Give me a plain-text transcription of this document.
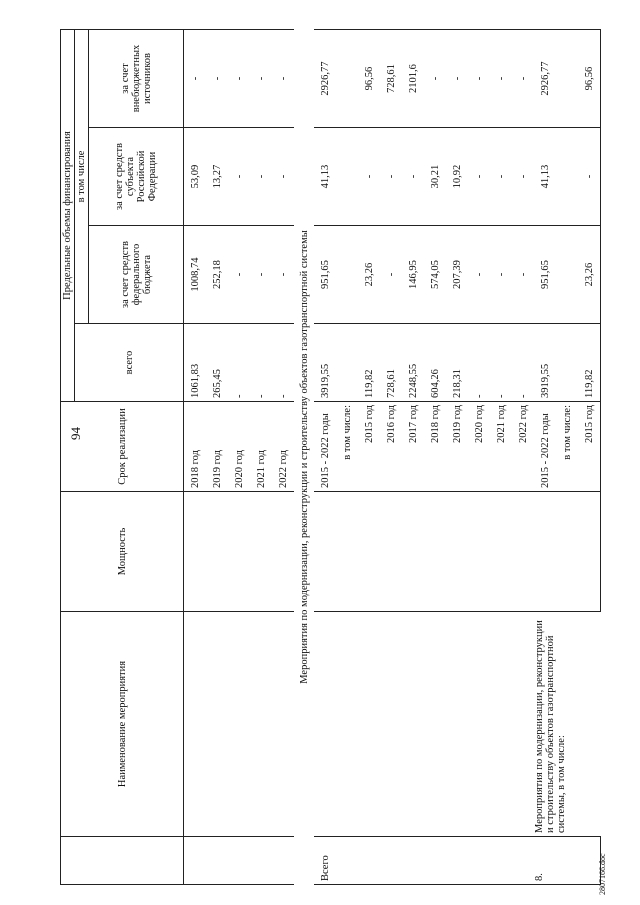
94
	Наименование мероприятия	Мощность	Срок реализации	Предельные объемы финансирования			
				всего	в том числе		
					за счет средств федерального бюджета	за счет средств субъекта Российской Федерации	за счет внебюджетных источников
			2018 год	1061,83	1008,74	53,09	-
			2019 год	265,45	252,18	13,27	-
			2020 год	-	-	-	-
			2021 год	-	-	-	-
			2022 год	-	-	-	-
Мероприятия по модернизации, реконструкции и строительству объектов газотранспортной системы							
Всего			2015 - 2022 годы	3919,55	951,65	41,13	2926,77
			в том числе:				
			2015 год	119,82	23,26	-	96,56
			2016 год	728,61	-	-	728,61
			2017 год	2248,55	146,95	-	2101,6
			2018 год	604,26	574,05	30,21	-
			2019 год	218,31	207,39	10,92	-
			2020 год	-	-	-	-
			2021 год	-	-	-	-
			2022 год	-	-	-	-
8.	Мероприятия по модернизации, реконструкции и строительству объектов газотранспортной системы, в том числе:		2015 - 2022 годы	3919,55	951,65	41,13	2926,77
			в том числе:				
			2015 год	119,82	23,26	-	96,56
2807166.doc
